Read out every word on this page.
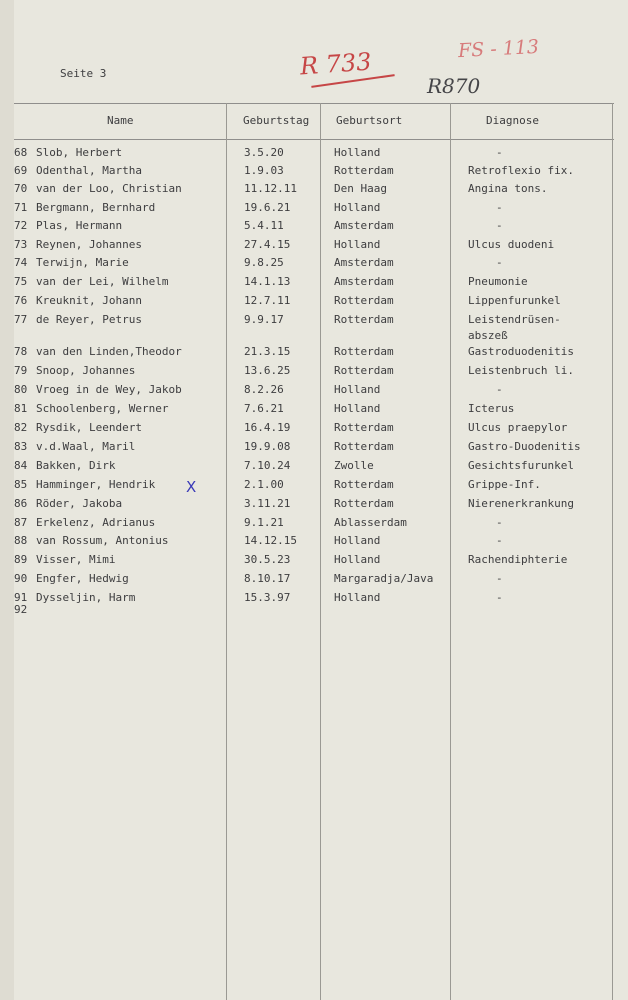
Seite 3	R 733	FS - 113
R870
Name	Geburtstag Geburtsort	Diagnose
68 Slob, Herbert	3.5.20	Holland	-
69 Odenthal, Martha	1.9.03	Rotterdam	Retroflexio fix.
70 van der Loo, Christian	11.12.11	Den Haag	Angina tons.
71 Bergmann, Bernhard	19.6.21	Holland	-
72 Plas, Hermann	5.4.11	Amsterdam	-
73 Reynen, Johannes	27.4.15	Holland	Ulcus duodeni
74 Terwijn, Marie	9.8.25	Amsterdam	-
75 van der Lei, Wilhelm	14.1.13	Amsterdam	Pneumonie
76 Kreuknit, Johann	12.7.11	Rotterdam	Lippenfurunkel
77 de Reyer, Petrus	9.9.17	Rotterdam	Leistendrüsen-
abszeß
78 van den Linden,Theodor	21.3.15	Rotterdam	Gastroduodenitis
79 Snoop, Johannes	13.6.25	Rotterdam	Leistenbruch li.
80 Vroeg in de Wey, Jakob	8.2.26	Holland	-
81 Schoolenberg, Werner	7.6.21	Holland	Icterus
82 Rysdik, Leendert	16.4.19	Rotterdam	Ulcus praepylor
83 v.d.Waal, Maril	19.9.08	Rotterdam	Gastro-Duodenitis
84 Bakken, Dirk	7.10.24	Zwolle	Gesichtsfurunkel
85 Hamminger, Hendrik	2.1.00	Rotterdam	Grippe-Inf.
86 Röder, Jakoba	3.11.21	Rotterdam	Nierenerkrankung
87 Erkelenz, Adrianus	9.1.21	Ablasserdam	-
88 van Rossum, Antonius	14.12.15	Holland	-
89 Visser, Mimi	30.5.23	Holland	Rachendiphterie
90 Engfer, Hedwig	8.10.17	Margaradja/Java	-
91 Dysseljin, Harm	15.3.97	Holland	-
X
92
